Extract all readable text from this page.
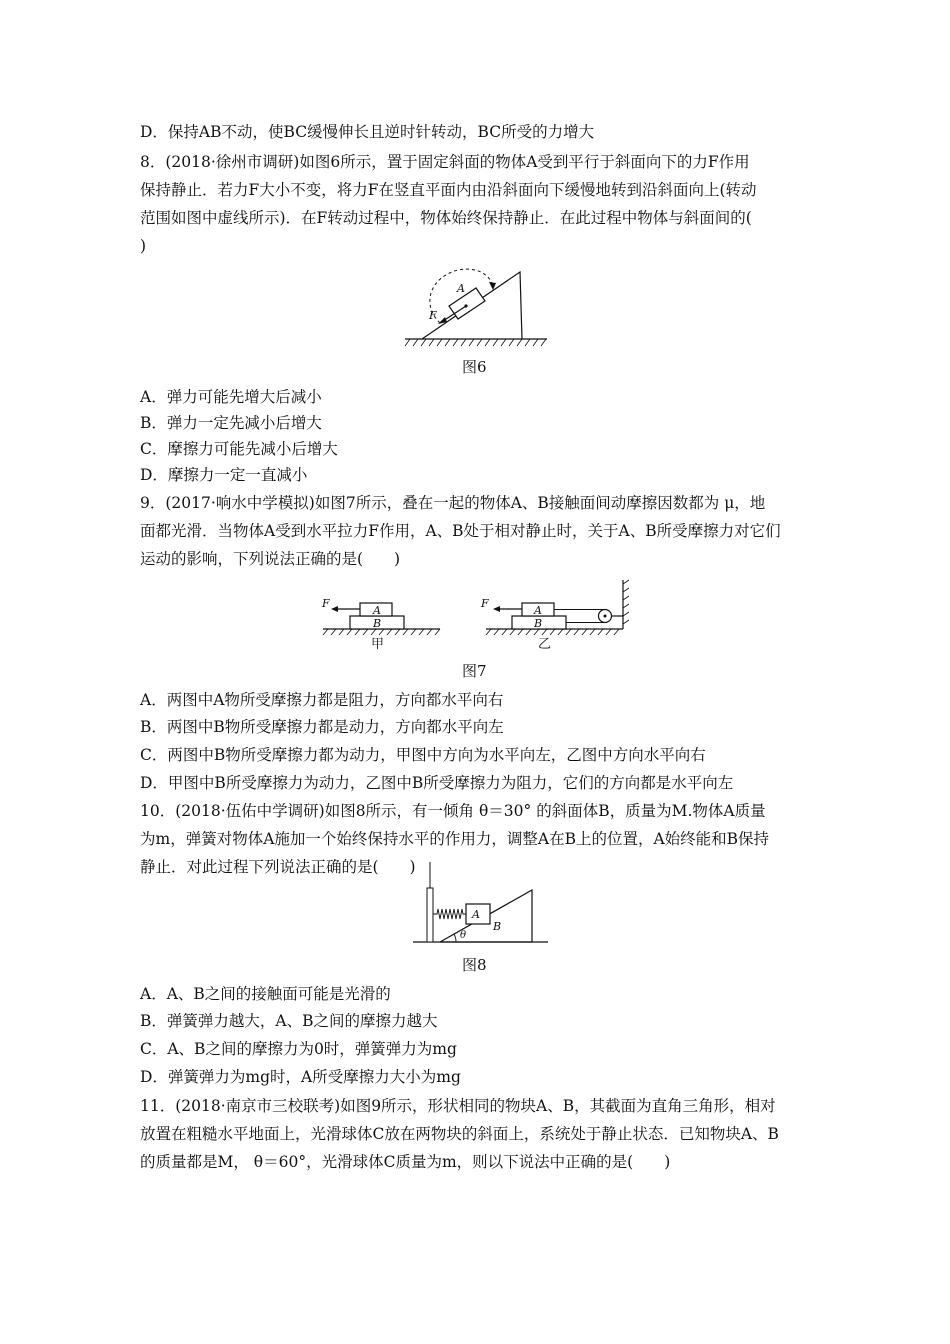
D．保持AB不动，使BC缓慢伸长且逆时针转动，BC所受的力增大
8．(2018·徐州市调研)如图6所示，置于固定斜面的物体A受到平行于斜面向下的力F作用
保持静止．若力F大小不变，将力F在竖直平面内由沿斜面向下缓慢地转到沿斜面向上(转动
范围如图中虚线所示)．在F转动过程中，物体始终保持静止．在此过程中物体与斜面间的(
)
A
F
图6
A．弹力可能先增大后减小
B．弹力一定先减小后增大
C．摩擦力可能先减小后增大
D．摩擦力一定一直减小
9．(2017·响水中学模拟)如图7所示，叠在一起的物体A、B接触面间动摩擦因数都为 μ，地
面都光滑．当物体A受到水平拉力F作用，A、B处于相对静止时，关于A、B所受摩擦力对它们
运动的影响，下列说法正确的是(　　)
A
B
F
甲
A
B
F
乙
图7
A．两图中A物所受摩擦力都是阻力，方向都水平向右
B．两图中B物所受摩擦力都是动力，方向都水平向左
C．两图中B物所受摩擦力都为动力，甲图中方向为水平向左，乙图中方向水平向右
D．甲图中B所受摩擦力为动力，乙图中B所受摩擦力为阻力，它们的方向都是水平向左
10．(2018·伍佑中学调研)如图8所示，有一倾角 θ＝30° 的斜面体B，质量为M.物体A质量
为m，弹簧对物体A施加一个始终保持水平的作用力，调整A在B上的位置，A始终能和B保持
静止．对此过程下列说法正确的是(　　)
A
B
θ
图8
A．A、B之间的接触面可能是光滑的
B．弹簧弹力越大，A、B之间的摩擦力越大
C．A、B之间的摩擦力为0时，弹簧弹力为mg
D．弹簧弹力为mg时，A所受摩擦力大小为mg
11．(2018·南京市三校联考)如图9所示，形状相同的物块A、B，其截面为直角三角形，相对
放置在粗糙水平地面上，光滑球体C放在两物块的斜面上，系统处于静止状态．已知物块A、B
的质量都是M， θ＝60°，光滑球体C质量为m，则以下说法中正确的是(　　)
